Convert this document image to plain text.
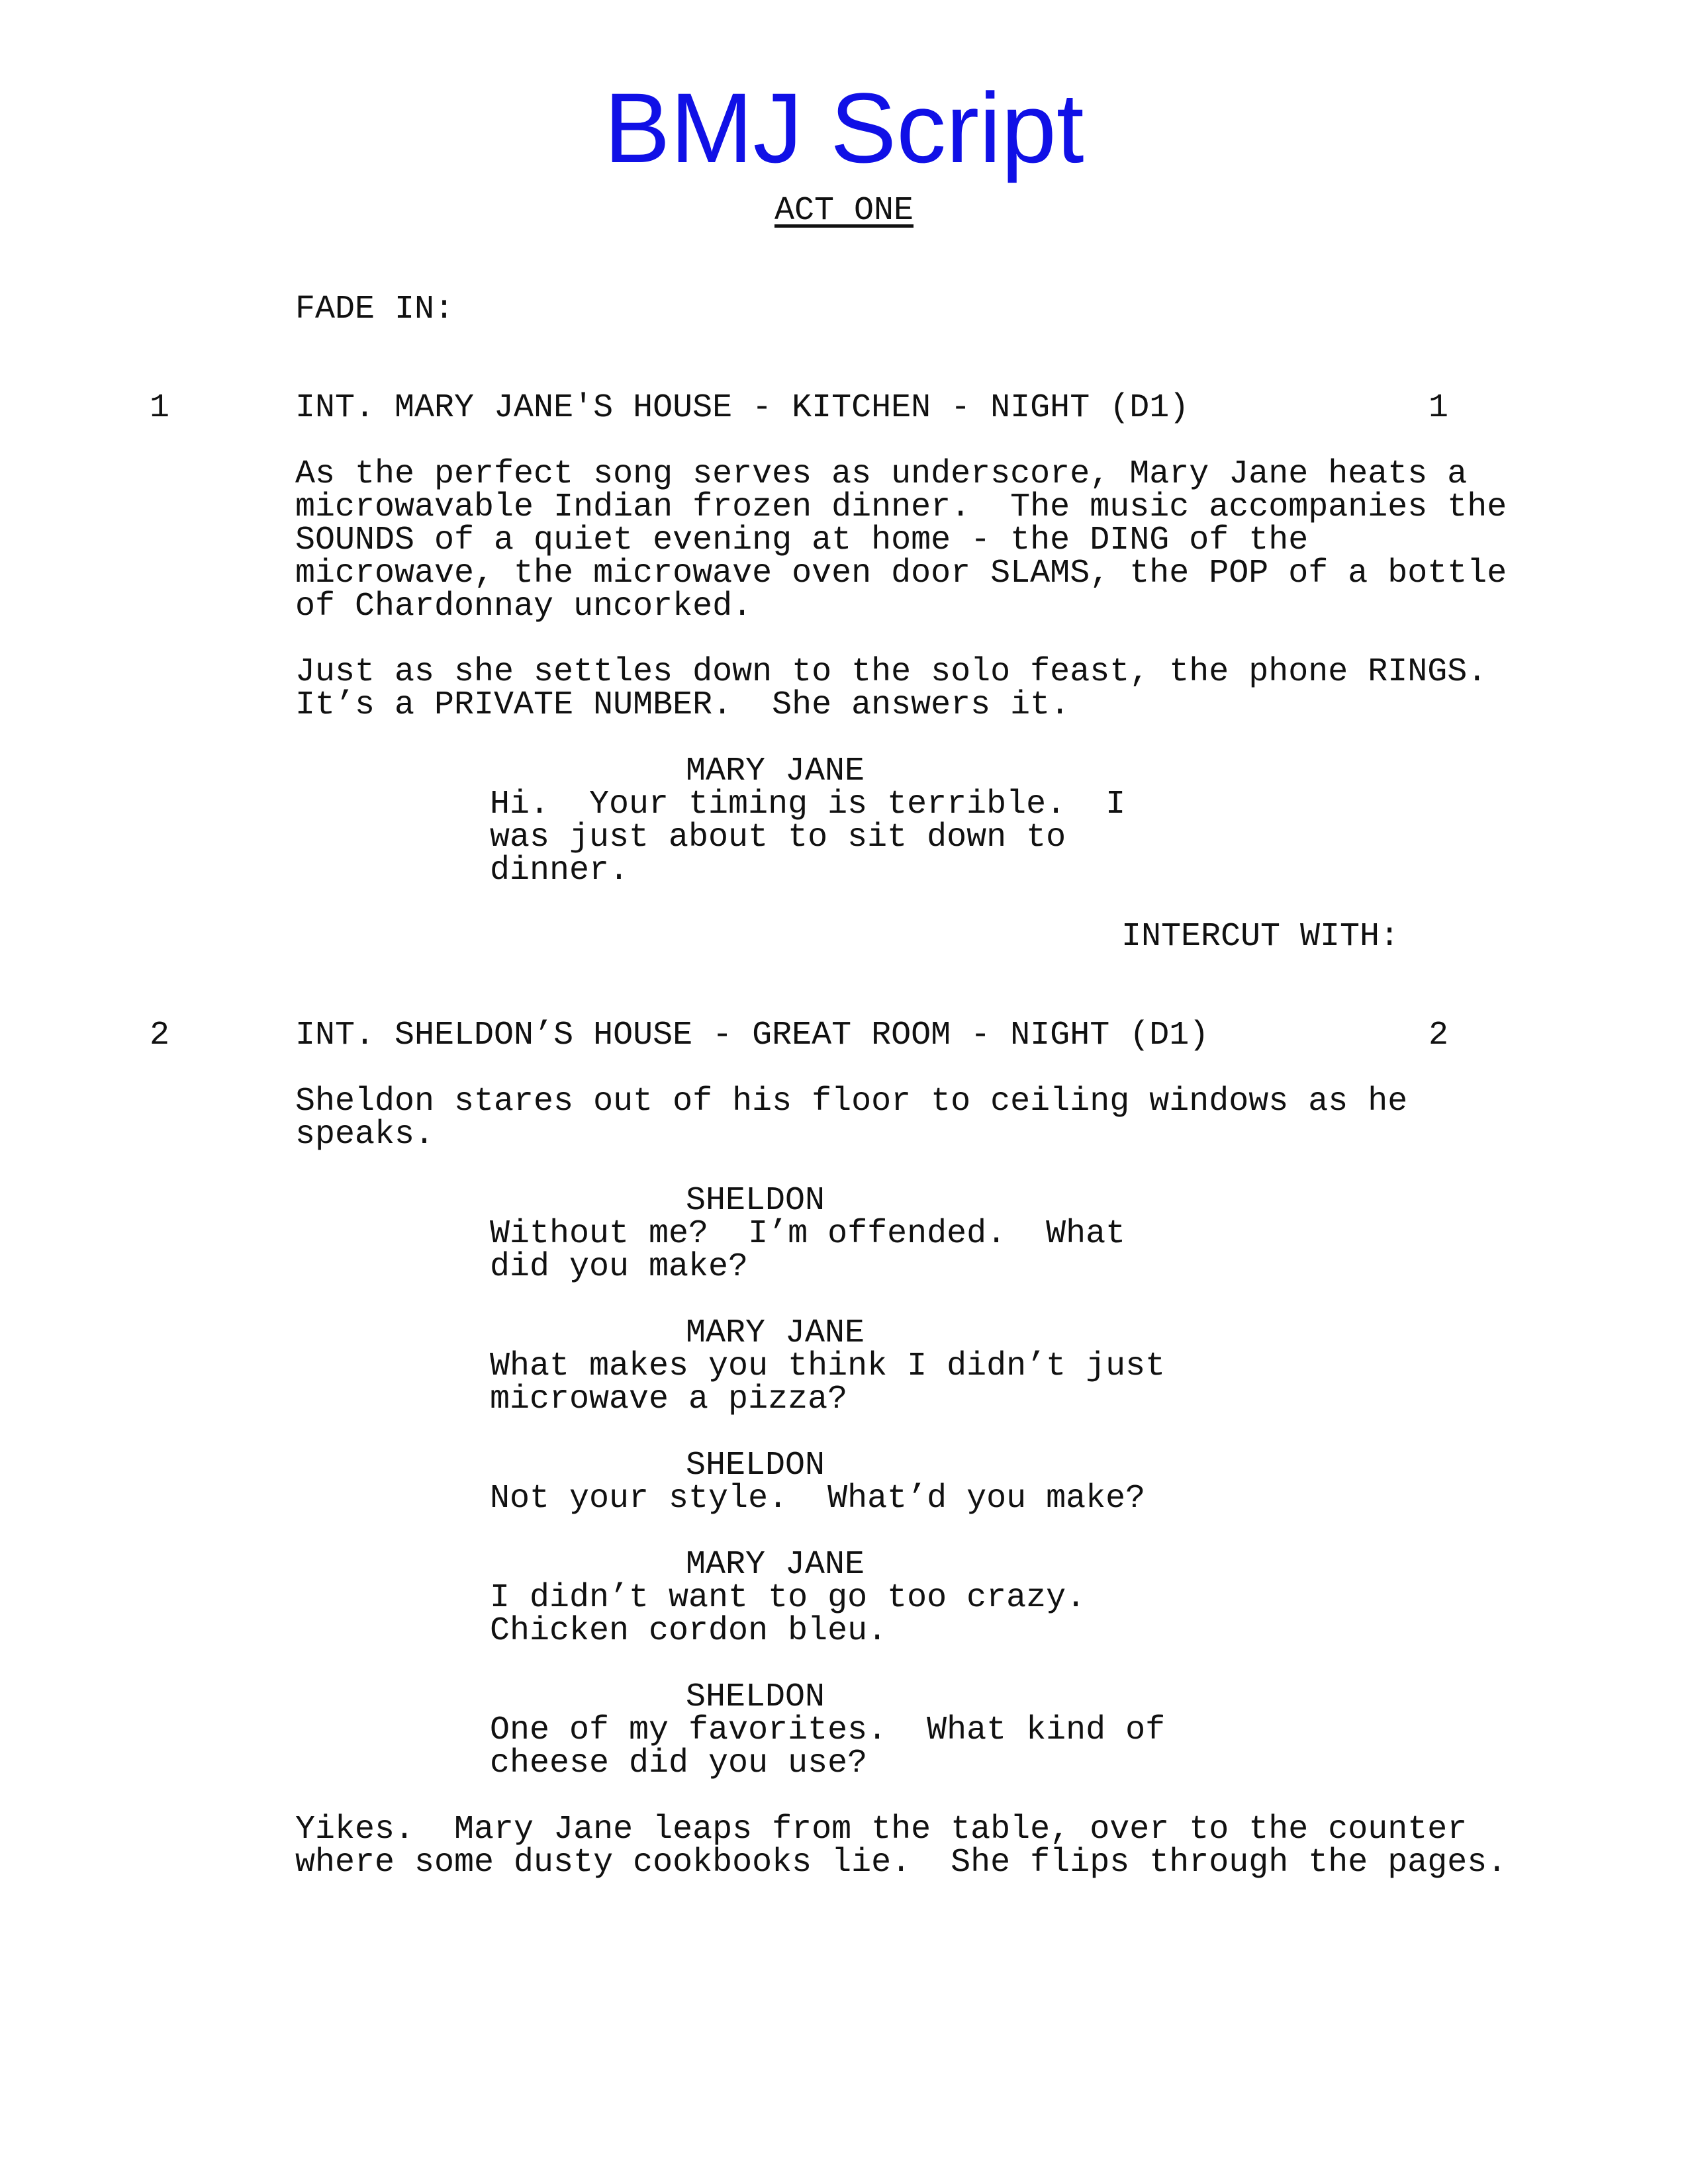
BMJ Script
ACT ONE
FADE IN:
1	INT. MARY JANE'S HOUSE - KITCHEN - NIGHT (D1)	1
As the perfect song serves as underscore, Mary Jane heats a
microwavable Indian frozen dinner.  The music accompanies the
SOUNDS of a quiet evening at home - the DING of the
microwave, the microwave oven door SLAMS, the POP of a bottle
of Chardonnay uncorked.
Just as she settles down to the solo feast, the phone RINGS.
It’s a PRIVATE NUMBER.  She answers it.
MARY JANE
Hi.  Your timing is terrible.  I
was just about to sit down to
dinner.
INTERCUT WITH:
2	INT. SHELDON’S HOUSE - GREAT ROOM - NIGHT (D1)	2
Sheldon stares out of his floor to ceiling windows as he
speaks.
SHELDON
Without me?  I’m offended.  What
did you make?
MARY JANE
What makes you think I didn’t just
microwave a pizza?
SHELDON
Not your style.  What’d you make?
MARY JANE
I didn’t want to go too crazy.
Chicken cordon bleu.
SHELDON
One of my favorites.  What kind of
cheese did you use?
Yikes.  Mary Jane leaps from the table, over to the counter
where some dusty cookbooks lie.  She flips through the pages.
